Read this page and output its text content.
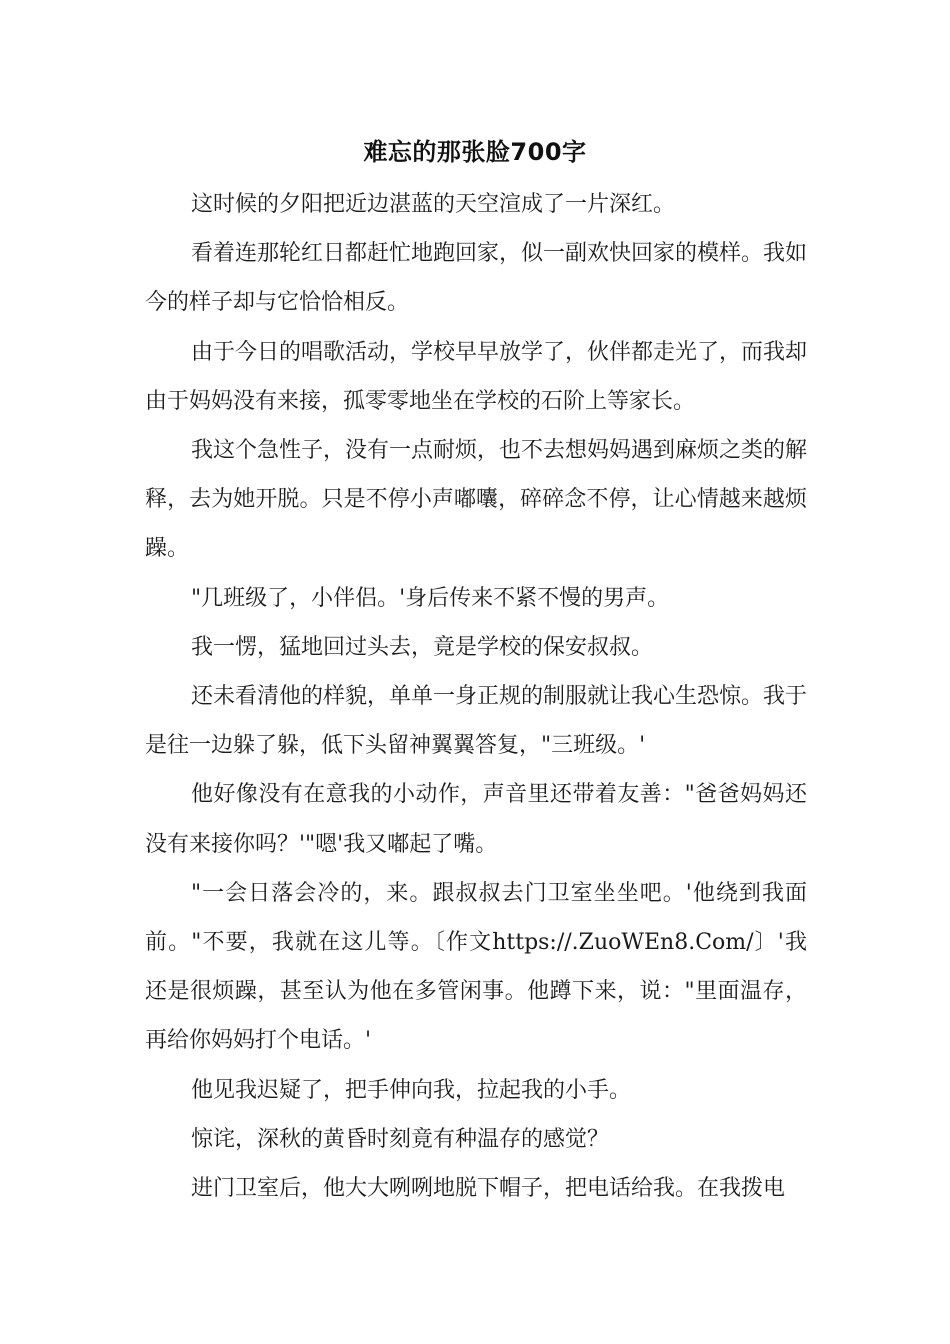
难忘的那张脸700字

这时候的夕阳把近边湛蓝的天空渲成了一片深红。

看着连那轮红日都赶忙地跑回家，似一副欢快回家的模样。我如今的样子却与它恰恰相反。

由于今日的唱歌活动，学校早早放学了，伙伴都走光了，而我却由于妈妈没有来接，孤零零地坐在学校的石阶上等家长。

我这个急性子，没有一点耐烦，也不去想妈妈遇到麻烦之类的解释，去为她开脱。只是不停小声嘟囔，碎碎念不停，让心情越来越烦躁。

"几班级了，小伴侣。'身后传来不紧不慢的男声。

我一愣，猛地回过头去，竟是学校的保安叔叔。

还未看清他的样貌，单单一身正规的制服就让我心生恐惊。我于是往一边躲了躲，低下头留神翼翼答复，"三班级。'

他好像没有在意我的小动作，声音里还带着友善："爸爸妈妈还没有来接你吗？'"嗯'我又嘟起了嘴。

"一会日落会冷的，来。跟叔叔去门卫室坐坐吧。'他绕到我面前。"不要，我就在这儿等。〔作文https://.ZuoWEn8.Com/〕'我还是很烦躁，甚至认为他在多管闲事。他蹲下来，说："里面温存，再给你妈妈打个电话。'

他见我迟疑了，把手伸向我，拉起我的小手。

惊诧，深秋的黄昏时刻竟有种温存的感觉？

进门卫室后，他大大咧咧地脱下帽子，把电话给我。在我拨电
